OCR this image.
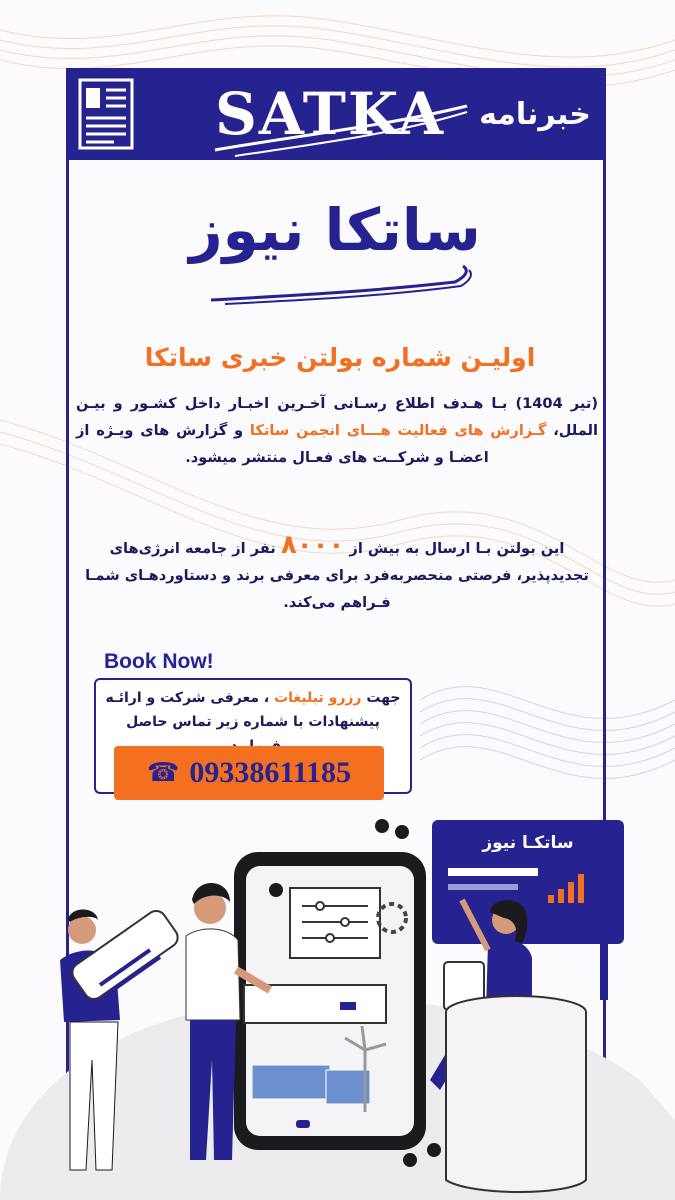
SATKA	خبرنامه
ساتکا نیوز
اولیـن شماره بولتن خبری ساتکا
(تیر 1404) بـا هـدف اطلاع رسـانی آخـرین اخبـار داخل کشـور و بیـن الملل، گـزارش های فعالیت هـــای انجمن ساتکا و گزارش های ویـژه از اعضـا و شرکــت های فعـال منتشر میشود.
این بولتن بـا ارسال به بیش از ۸۰۰۰ نفر از جامعه انرژی‌های تجدیدپذیر، فرصتی منحصربه‌فرد برای معرفی برند و دستاوردهـای شمـا فـراهم می‌کند.
Book Now!
جهت رزرو تبلیغات ، معرفی شرکت و ارائـه پیشنهادات با شماره زیر تماس حاصل
☎ 09338611185
ساتکـا نیوز
